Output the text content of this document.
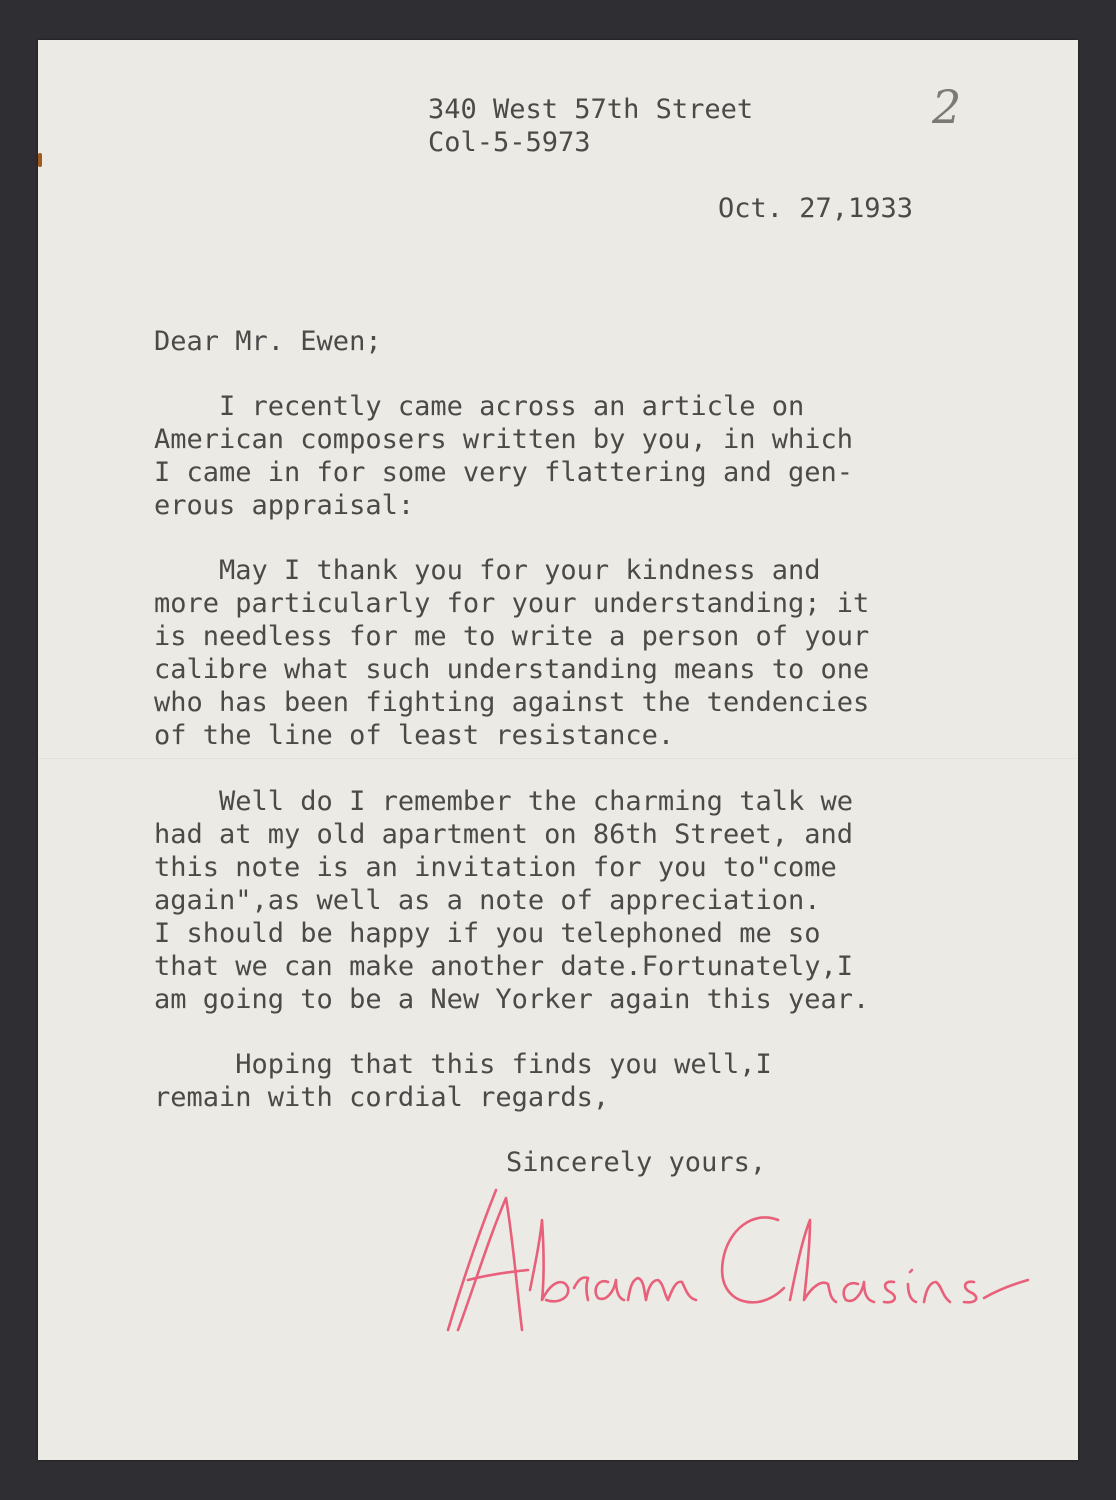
2

340 West 57th Street

Col-5-5973

Oct. 27,1933

Dear Mr. Ewen;

I recently came across an article on

American composers written by you, in which

I came in for some very flattering and gen-

erous appraisal:

May I thank you for your kindness and

more particularly for your understanding; it

is needless for me to write a person of your

calibre what such understanding means to one

who has been fighting against the tendencies

of the line of least resistance.

Well do I remember the charming talk we

had at my old apartment on 86th Street, and

this note is an invitation for you to"come

again",as well as a note of appreciation.

I should be happy if you telephoned me so

that we can make another date.Fortunately,I

am going to be a New Yorker again this year.

Hoping that this finds you well,I

remain with cordial regards,

Sincerely yours,
